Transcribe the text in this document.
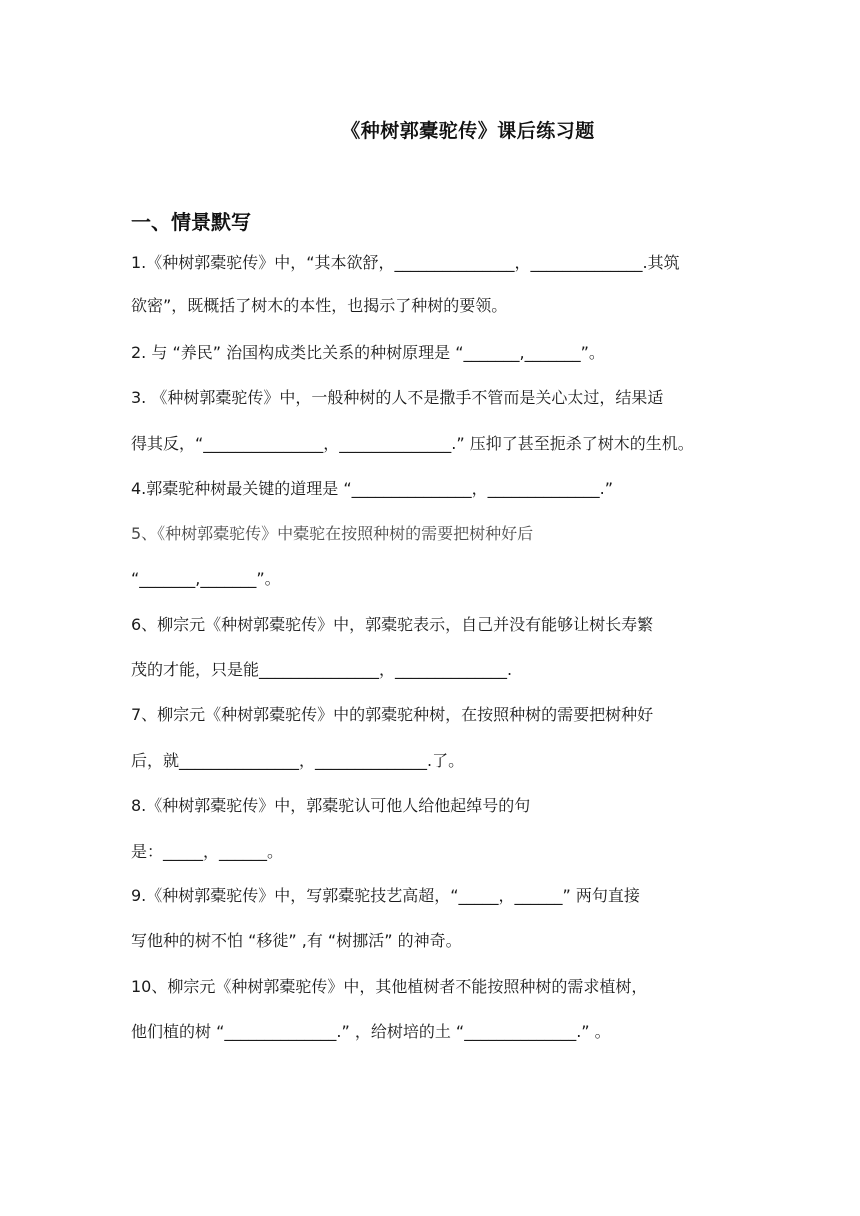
《种树郭橐驼传》课后练习题
一、情景默写
1.《种树郭橐驼传》中，“其本欲舒，_______________，______________.其筑
欲密”，既概括了树木的本性，也揭示了种树的要领。
2. 与 “养民” 治国构成类比关系的种树原理是 “_______,_______”。
3. 《种树郭橐驼传》中，一般种树的人不是撒手不管而是关心太过，结果适
得其反，“_______________，______________.” 压抑了甚至扼杀了树木的生机。
4.郭橐驼种树最关键的道理是 “_______________，______________.”
5、《种树郭橐驼传》中橐驼在按照种树的需要把树种好后
“_______,_______”。
6、柳宗元《种树郭橐驼传》中，郭橐驼表示，自己并没有能够让树长寿繁
茂的才能，只是能_______________，______________.
7、柳宗元《种树郭橐驼传》中的郭橐驼种树，在按照种树的需要把树种好
后，就_______________，______________.了。
8.《种树郭橐驼传》中，郭橐驼认可他人给他起绰号的句
是：_____，______。
9.《种树郭橐驼传》中，写郭橐驼技艺高超，“_____，______” 两句直接
写他种的树不怕 “移徙” ,有 “树挪活” 的神奇。
10、柳宗元《种树郭橐驼传》中，其他植树者不能按照种树的需求植树，
他们植的树 “______________.” ，给树培的土 “______________.” 。
